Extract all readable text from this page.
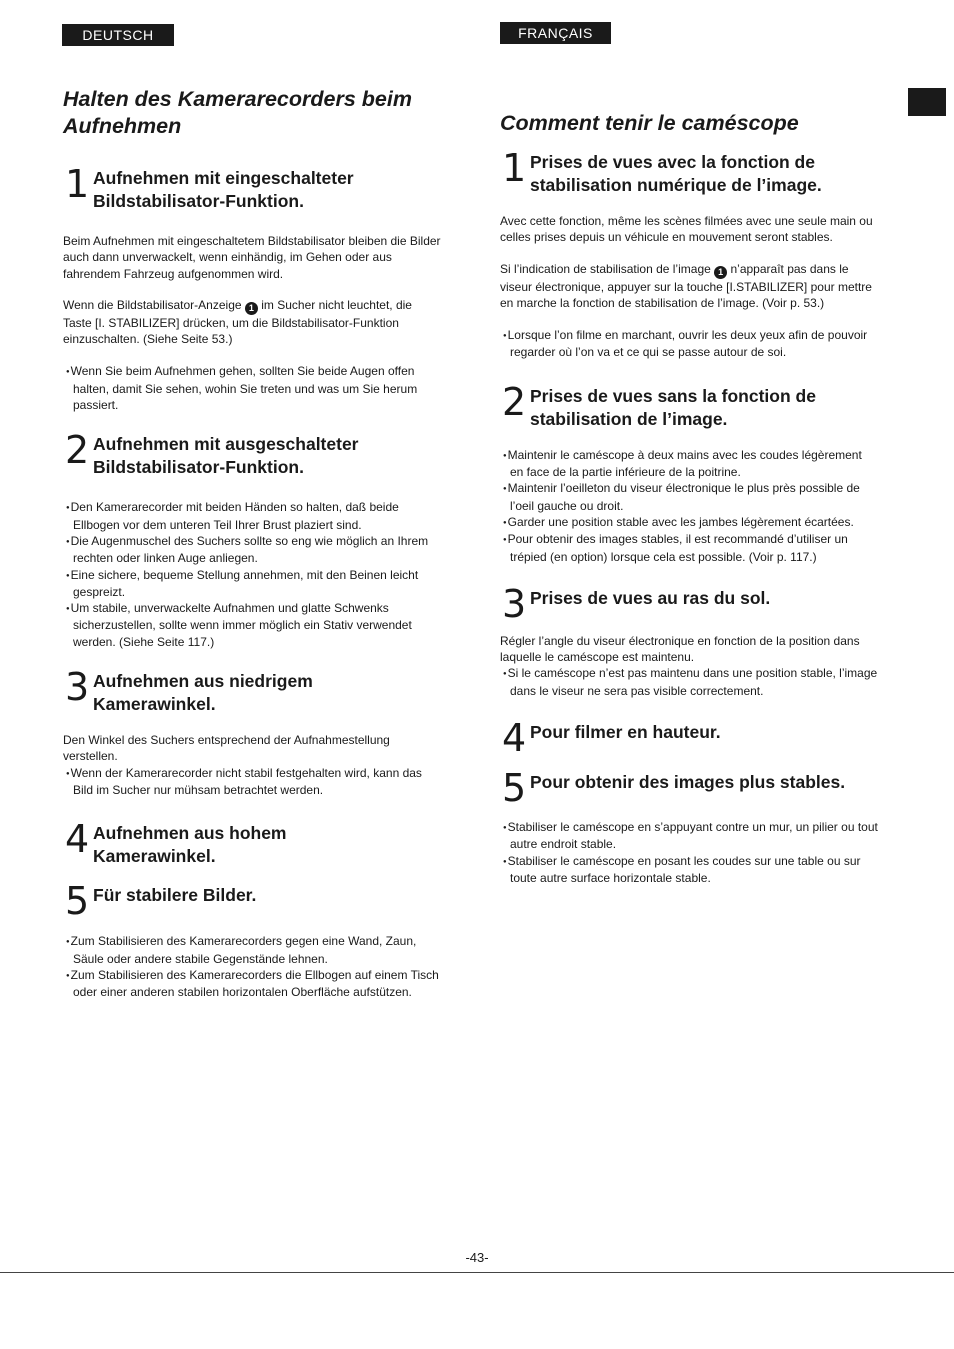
DEUTSCH	FRANÇAIS
Halten des Kamerarecorders beim Aufnehmen
1 Aufnehmen mit eingeschalteter Bildstabilisator-Funktion.

Beim Aufnehmen mit eingeschaltetem Bildstabilisator bleiben die Bilder auch dann unverwackelt, wenn einhändig, im Gehen oder aus fahrendem Fahrzeug aufgenommen wird.

Wenn die Bildstabilisator-Anzeige 1 im Sucher nicht leuchtet, die Taste [I. STABILIZER] drücken, um die Bildstabilisator-Funktion einzuschalten. (Siehe Seite 53.)

● Wenn Sie beim Aufnehmen gehen, sollten Sie beide Augen offen halten, damit Sie sehen, wohin Sie treten und was um Sie herum passiert.

2 Aufnehmen mit ausgeschalteter Bildstabilisator-Funktion.

● Den Kamerarecorder mit beiden Händen so halten, daß beide Ellbogen vor dem unteren Teil Ihrer Brust plaziert sind.

● Die Augenmuschel des Suchers sollte so eng wie möglich an Ihrem rechten oder linken Auge anliegen.

● Eine sichere, bequeme Stellung annehmen, mit den Beinen leicht gespreizt.

● Um stabile, unverwackelte Aufnahmen und glatte Schwenks sicherzustellen, sollte wenn immer möglich ein Stativ verwendet werden. (Siehe Seite 117.)

3 Aufnehmen aus niedrigem Kamerawinkel.

Den Winkel des Suchers entsprechend der Aufnahmestellung verstellen.

● Wenn der Kamerarecorder nicht stabil festgehalten wird, kann das Bild im Sucher nur mühsam betrachtet werden.

4 Aufnehmen aus hohem Kamerawinkel.
5 Für stabilere Bilder.

● Zum Stabilisieren des Kamerarecorders gegen eine Wand, Zaun, Säule oder andere stabile Gegenstände lehnen.

● Zum Stabilisieren des Kamerarecorders die Ellbogen auf einem Tisch oder einer anderen stabilen horizontalen Oberfläche aufstützen.

Comment tenir le caméscope
1 Prises de vues avec la fonction de stabilisation numérique de l’image.

Avec cette fonction, même les scènes filmées avec une seule main ou celles prises depuis un véhicule en mouvement seront stables.

Si l’indication de stabilisation de l’image 1 n’apparaît pas dans le viseur électronique, appuyer sur la touche [I.STABILIZER] pour mettre en marche la fonction de stabilisation de l’image. (Voir p. 53.)

● Lorsque l’on filme en marchant, ouvrir les deux yeux afin de pouvoir regarder où l’on va et ce qui se passe autour de soi.

2 Prises de vues sans la fonction de stabilisation de l’image.

● Maintenir le caméscope à deux mains avec les coudes légèrement en face de la partie inférieure de la poitrine.

● Maintenir l’oeilleton du viseur électronique le plus près possible de l’oeil gauche ou droit.

● Garder une position stable avec les jambes légèrement écartées.

● Pour obtenir des images stables, il est recommandé d’utiliser un trépied (en option) lorsque cela est possible. (Voir p. 117.)

3 Prises de vues au ras du sol.

Régler l’angle du viseur électronique en fonction de la position dans laquelle le caméscope est maintenu.

● Si le caméscope n’est pas maintenu dans une position stable, l’image dans le viseur ne sera pas visible correctement.

4 Pour filmer en hauteur.
5 Pour obtenir des images plus stables.

● Stabiliser le caméscope en s’appuyant contre un mur, un pilier ou tout autre endroit stable.

● Stabiliser le caméscope en posant les coudes sur une table ou sur toute autre surface horizontale stable.

-43-
